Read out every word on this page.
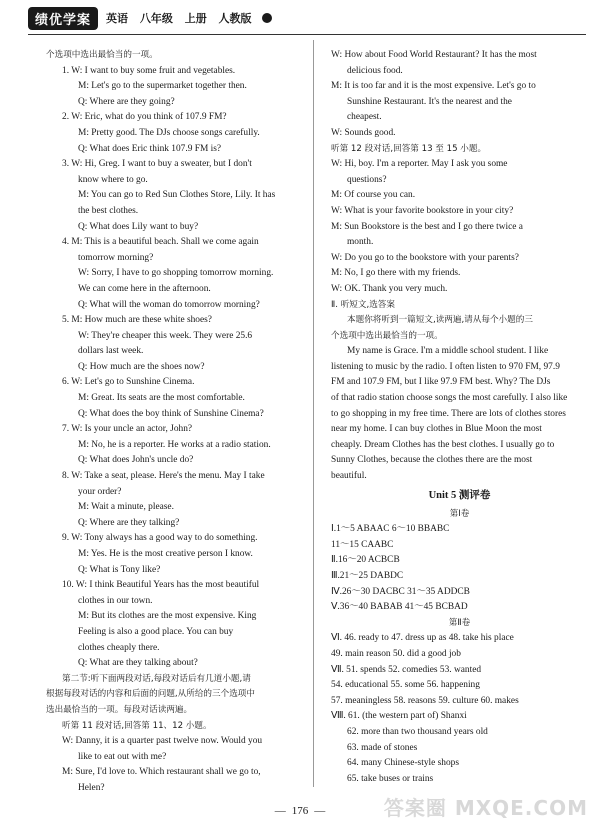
绩优学案	英语 八年级 上册 人教版
个选项中选出最恰当的一项。
1. W: I want to buy some fruit and vegetables.
M: Let's go to the supermarket together then.
Q: Where are they going?
2. W: Eric, what do you think of 107.9 FM?
M: Pretty good. The DJs choose songs carefully.
Q: What does Eric think 107.9 FM is?
3. W: Hi, Greg. I want to buy a sweater, but I don't
know where to go.
M: You can go to Red Sun Clothes Store, Lily. It has
the best clothes.
Q: What does Lily want to buy?
4. M: This is a beautiful beach. Shall we come again
tomorrow morning?
W: Sorry, I have to go shopping tomorrow morning.
We can come here in the afternoon.
Q: What will the woman do tomorrow morning?
5. M: How much are these white shoes?
W: They're cheaper this week. They were 25.6
dollars last week.
Q: How much are the shoes now?
6. W: Let's go to Sunshine Cinema.
M: Great. Its seats are the most comfortable.
Q: What does the boy think of Sunshine Cinema?
7. W: Is your uncle an actor, John?
M: No, he is a reporter. He works at a radio station.
Q: What does John's uncle do?
8. W: Take a seat, please. Here's the menu. May I take
your order?
M: Wait a minute, please.
Q: Where are they talking?
9. W: Tony always has a good way to do something.
M: Yes. He is the most creative person I know.
Q: What is Tony like?
10. W: I think Beautiful Years has the most beautiful
clothes in our town.
M: But its clothes are the most expensive. King
Feeling is also a good place. You can buy
clothes cheaply there.
Q: What are they talking about?
第二节:听下面两段对话,每段对话后有几道小题,请
根据每段对话的内容和后面的问题,从所给的三个选项中
选出最恰当的一项。每段对话读两遍。
听第 11 段对话,回答第 11、12 小题。
W: Danny, it is a quarter past twelve now. Would you
like to eat out with me?
M: Sure, I'd love to. Which restaurant shall we go to,
Helen?
W: How about Food World Restaurant? It has the most
delicious food.
M: It is too far and it is the most expensive. Let's go to
Sunshine Restaurant. It's the nearest and the
cheapest.
W: Sounds good.
听第 12 段对话,回答第 13 至 15 小题。
W: Hi, boy. I'm a reporter. May I ask you some
questions?
M: Of course you can.
W: What is your favorite bookstore in your city?
M: Sun Bookstore is the best and I go there twice a
month.
W: Do you go to the bookstore with your parents?
M: No, I go there with my friends.
W: OK. Thank you very much.
Ⅱ. 听短文,选答案
本题你将听到一篇短文,读两遍,请从每个小题的三
个选项中选出最恰当的一项。
My name is Grace. I'm a middle school student. I like
listening to music by the radio. I often listen to 970 FM, 97.9
FM and 107.9 FM, but I like 97.9 FM best. Why? The DJs
of that radio station choose songs the most carefully. I also like
to go shopping in my free time. There are lots of clothes stores
near my home. I can buy clothes in Blue Moon the most
cheaply. Dream Clothes has the best clothes. I usually go to
Sunny Clothes, because the clothes there are the most
beautiful.
Unit 5 测评卷
第Ⅰ卷
Ⅰ.1～5 ABAAC 6～10 BBABC
11～15 CAABC
Ⅱ.16～20 ACBCB
Ⅲ.21～25 DABDC
Ⅳ.26～30 DACBC 31～35 ADDCB
Ⅴ.36～40 BABAB 41～45 BCBAD
第Ⅱ卷
Ⅵ. 46. ready to 47. dress up as 48. take his place
49. main reason 50. did a good job
Ⅶ. 51. spends 52. comedies 53. wanted
54. educational 55. some 56. happening
57. meaningless 58. reasons 59. culture 60. makes
Ⅷ. 61. (the western part of) Shanxi
62. more than two thousand years old
63. made of stones
64. many Chinese-style shops
65. take buses or trains
— 176 —	答案圈 MXQE.COM
